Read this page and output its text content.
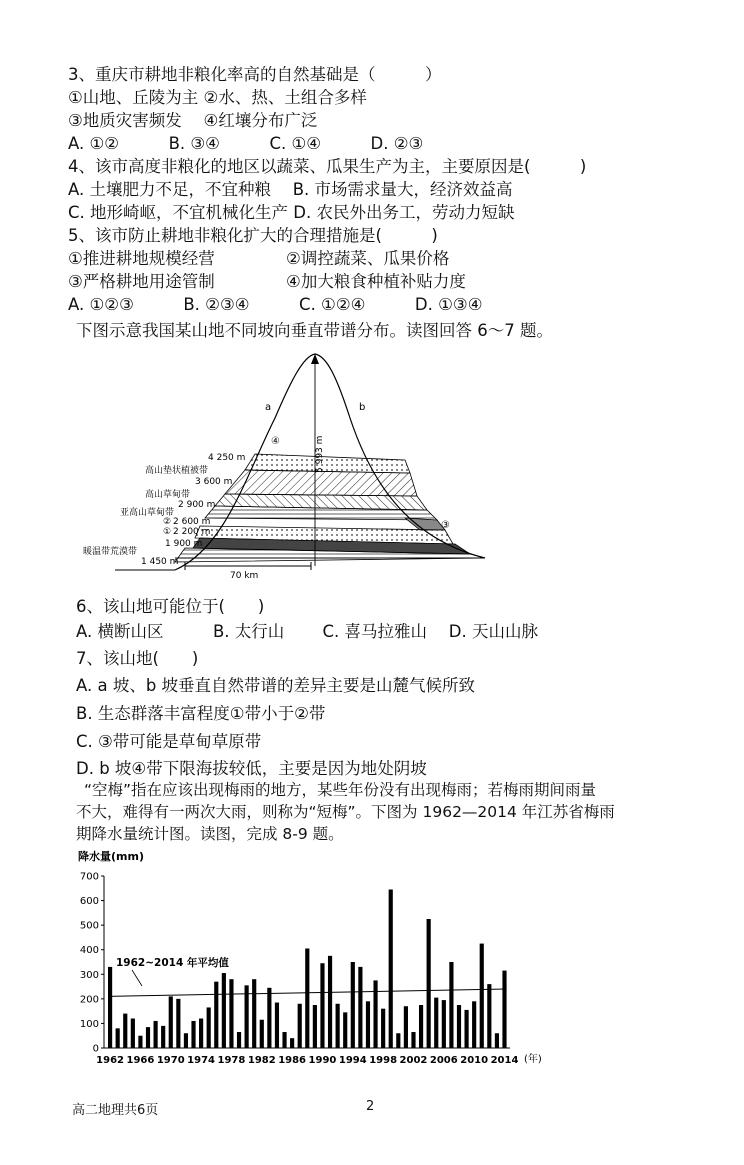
3、重庆市耕地非粮化率高的自然基础是（　　　）
①山地、丘陵为主 ②水、热、土组合多样
③地质灾害频发　 ④红壤分布广泛
A. ①②　　　B. ③④　　　C. ①④　　　D. ②③
4、该市高度非粮化的地区以蔬菜、瓜果生产为主，主要原因是(　　　)
A. 土壤肥力不足，不宜种粮　 B. 市场需求量大，经济效益高
C. 地形崎岖，不宜机械化生产 D. 农民外出务工，劳动力短缺
5、该市防止耕地非粮化扩大的合理措施是(　　　)
①推进耕地规模经营　　　　 ②调控蔬菜、瓜果价格
③严格耕地用途管制　　　　 ④加大粮食种植补贴力度
A. ①②③　　　B. ②③④　　　C. ①②④　　　D. ①③④
下图示意我国某山地不同坡向垂直带谱分布。读图回答 6～7 题。
5 993 m
a	b
④
③
4 250 m
高山垫状植被带
3 600 m
高山草甸带
2 900 m
亚高山草甸带
② 2 600 m
① 2 200 m
1 900 m
暖温带荒漠带
1 450 m
70 km
6、该山地可能位于(　　)
A. 横断山区　　　B. 太行山　　 C. 喜马拉雅山　 D. 天山山脉
7、该山地(　　)
A. a 坡、b 坡垂直自然带谱的差异主要是山麓气候所致
B. 生态群落丰富程度①带小于②带
C. ③带可能是草甸草原带
D. b 坡④带下限海拔较低，主要是因为地处阴坡
“空梅”指在应该出现梅雨的地方，某些年份没有出现梅雨；若梅雨期间雨量
不大，难得有一两次大雨，则称为“短梅”。下图为 1962—2014 年江苏省梅雨
期降水量统计图。读图，完成 8-9 题。
降水量(mm)
0
100
200
300
400
500
600
700
1962 1966 1970 1974 1978 1982 1986 1990 1994 1998 2002 2006 2010 2014
1962~2014 年平均值
(年)
高二地理共6页	2
